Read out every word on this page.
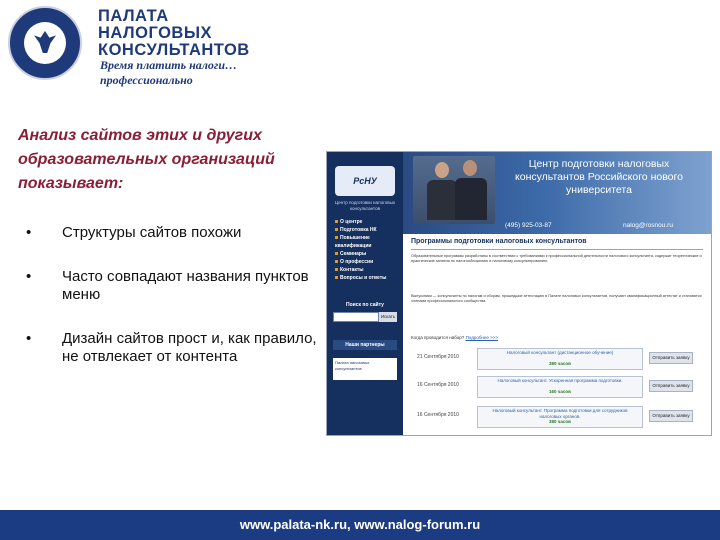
ПАЛАТА
НАЛОГОВЫХ
КОНСУЛЬТАНТОВ
Время платить налоги…
профессионально
Анализ сайтов этих и других образовательных организаций показывает:
• Структуры сайтов похожи
• Часто совпадают названия пунктов меню
• Дизайн сайтов прост и, как правило, не отвлекает от контента
РсНУ
Центр подготовки налоговых консультантов
О центре
Подготовка НК
Повышение квалификации
Семинары
О профессии
Контакты
Вопросы и ответы
Поиск по сайту
Искать
Наши партнеры
Палата налоговых консультантов
Центр подготовки налоговых консультантов Российского нового университета
(495) 925-03-87	nalog@rosnou.ru
Программы подготовки налоговых консультантов
Образовательные программы разработаны в соответствии с требованиями к профессиональной деятельности налогового консультанта, содержат теоретические и практические занятия по налогообложению и налоговому консультированию.
Выпускники — консультанты по налогам и сборам, прошедшие аттестацию в Палате налоговых консультантов, получают квалификационный аттестат и становятся членами профессионального сообщества.
Когда проводится набор? Подробнее >>>
21 Сентября 2010
Налоговый консультант (дистанционное обучение)
380 часов
Отправить заявку
16 Сентября 2010
Налоговый консультант. Ускоренная программа подготовки.
160 часов
Отправить заявку
16 Сентября 2010
Налоговый консультант. Программа подготовки для сотрудников налоговых органов.
380 часов
Отправить заявку
www.palata-nk.ru, www.nalog-forum.ru
